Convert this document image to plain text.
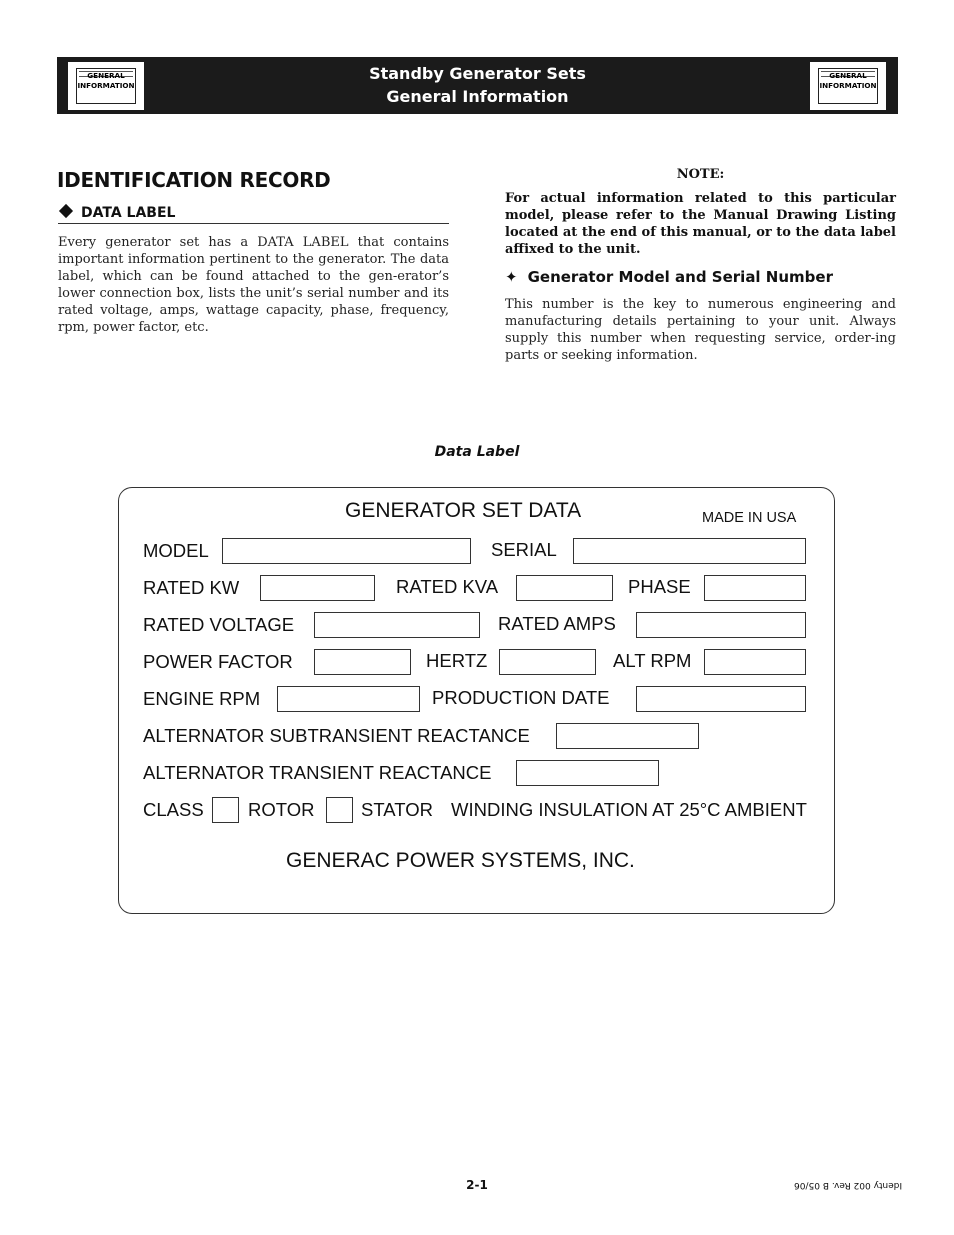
GENERAL
INFORMATION
Standby Generator Sets
General Information
GENERAL
INFORMATION
IDENTIFICATION RECORD
DATA LABEL
Every generator set has a DATA LABEL that contains important information pertinent to the generator. The data label, which can be found attached to the gen-erator’s lower connection box, lists the unit’s serial number and its rated voltage, amps, wattage capacity, phase, frequency, rpm, power factor, etc.
NOTE:
For actual information related to this particular model, please refer to the Manual Drawing Listing located at the end of this manual, or to the data label affixed to the unit.
✦ Generator Model and Serial Number
This number is the key to numerous engineering and manufacturing details pertaining to your unit. Always supply this number when requesting service, order-ing parts or seeking information.
Data Label
GENERATOR SET DATA	MADE IN USA
MODEL	SERIAL
RATED KW	RATED KVA	PHASE
RATED VOLTAGE	RATED AMPS
POWER FACTOR	HERTZ	ALT RPM
ENGINE RPM	PRODUCTION DATE
ALTERNATOR SUBTRANSIENT REACTANCE
ALTERNATOR TRANSIENT REACTANCE
CLASS ROTOR	STATOR WINDING INSULATION AT 25°C AMBIENT
GENERAC POWER SYSTEMS, INC.
2-1	Identy 002 Rev. B 05/06
